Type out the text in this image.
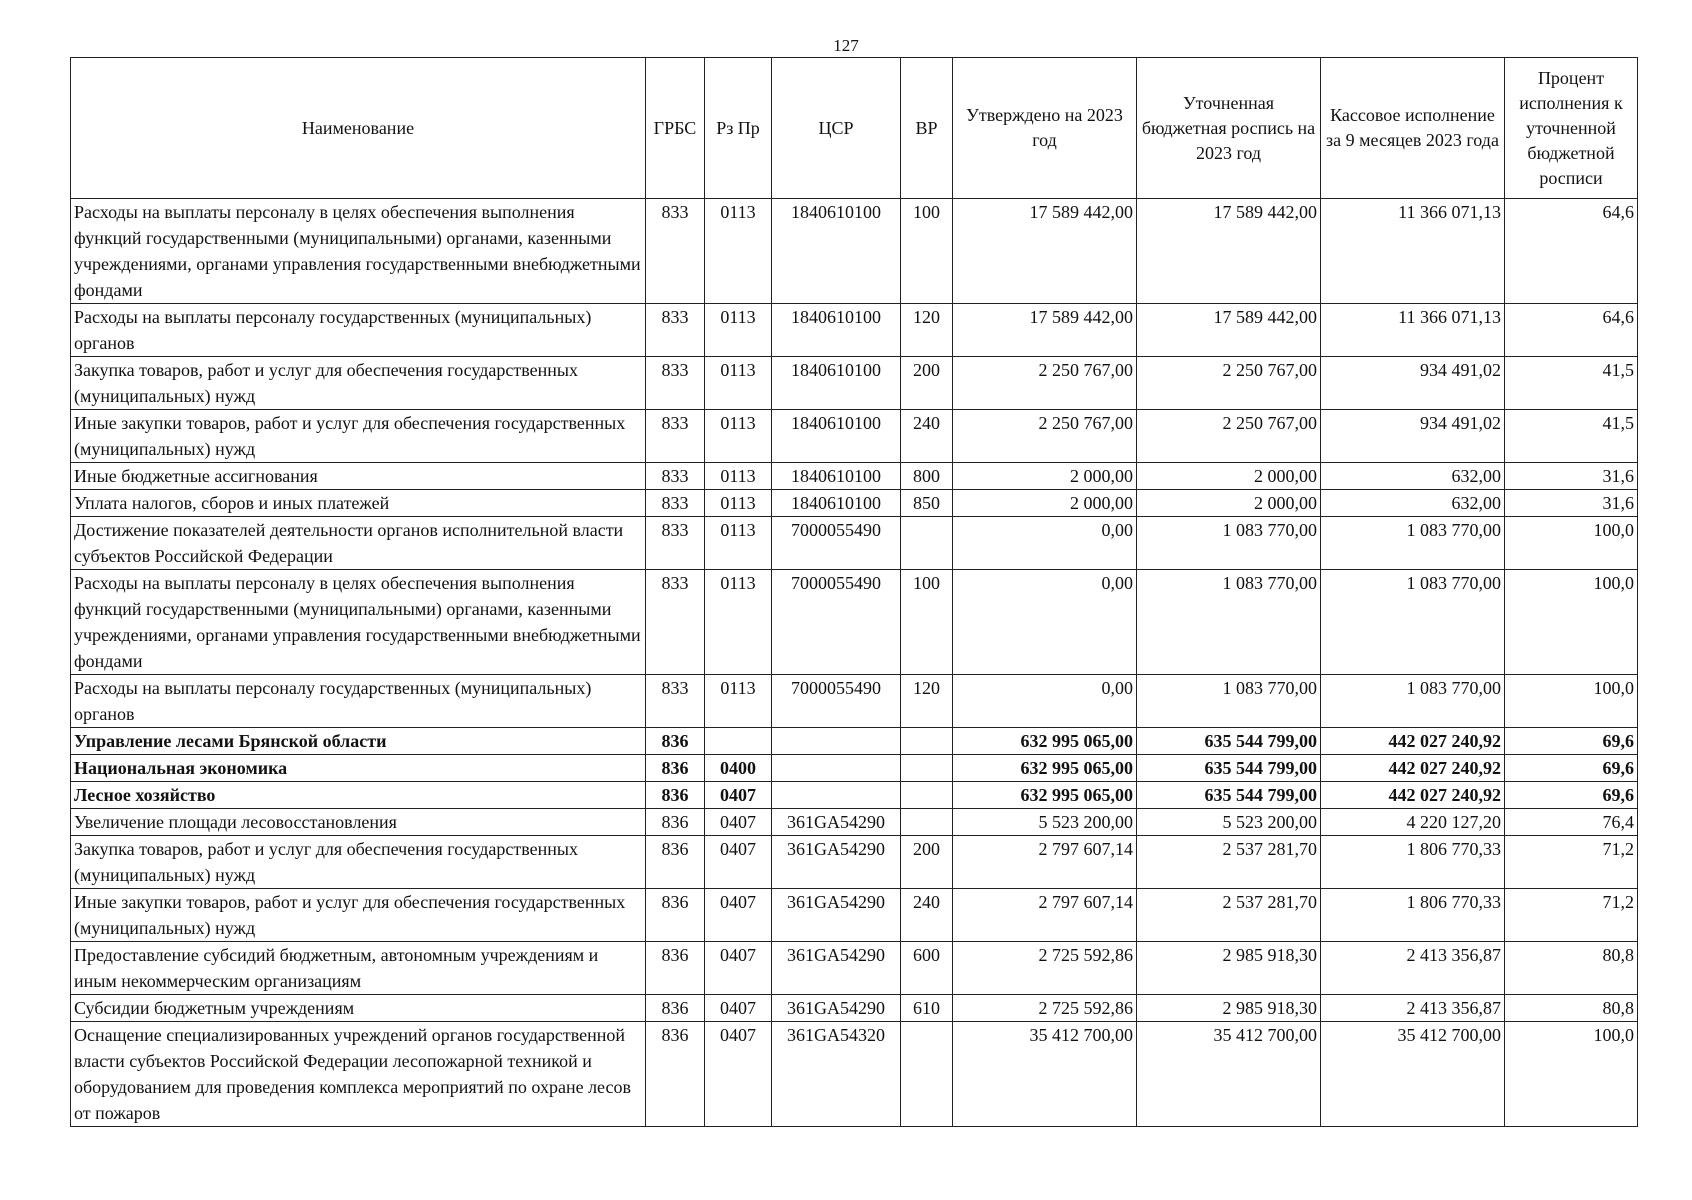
127
Наименование	ГРБС	Рз Пр	ЦСР	ВР	Утверждено на 2023 год	Уточненная бюджетная роспись на 2023 год	Кассовое исполнение за 9 месяцев 2023 года	Процент исполнения к уточненной бюджетной росписи
Расходы на выплаты персоналу в целях обеспечения выполнения функций государственными (муниципальными) органами, казенными учреждениями, органами управления государственными внебюджетными фондами	833	0113	1840610100	100	17 589 442,00	17 589 442,00	11 366 071,13	64,6
Расходы на выплаты персоналу государственных (муниципальных) органов	833	0113	1840610100	120	17 589 442,00	17 589 442,00	11 366 071,13	64,6
Закупка товаров, работ и услуг для обеспечения государственных (муниципальных) нужд	833	0113	1840610100	200	2 250 767,00	2 250 767,00	934 491,02	41,5
Иные закупки товаров, работ и услуг для обеспечения государственных (муниципальных) нужд	833	0113	1840610100	240	2 250 767,00	2 250 767,00	934 491,02	41,5
Иные бюджетные ассигнования	833	0113	1840610100	800	2 000,00	2 000,00	632,00	31,6
Уплата налогов, сборов и иных платежей	833	0113	1840610100	850	2 000,00	2 000,00	632,00	31,6
Достижение показателей деятельности органов исполнительной власти субъектов Российской Федерации	833	0113	7000055490		0,00	1 083 770,00	1 083 770,00	100,0
Расходы на выплаты персоналу в целях обеспечения выполнения функций государственными (муниципальными) органами, казенными учреждениями, органами управления государственными внебюджетными фондами	833	0113	7000055490	100	0,00	1 083 770,00	1 083 770,00	100,0
Расходы на выплаты персоналу государственных (муниципальных) органов	833	0113	7000055490	120	0,00	1 083 770,00	1 083 770,00	100,0
Управление лесами Брянской области	836				632 995 065,00	635 544 799,00	442 027 240,92	69,6
Национальная экономика	836	0400			632 995 065,00	635 544 799,00	442 027 240,92	69,6
Лесное хозяйство	836	0407			632 995 065,00	635 544 799,00	442 027 240,92	69,6
Увеличение площади лесовосстановления	836	0407	361GA54290		5 523 200,00	5 523 200,00	4 220 127,20	76,4
Закупка товаров, работ и услуг для обеспечения государственных (муниципальных) нужд	836	0407	361GA54290	200	2 797 607,14	2 537 281,70	1 806 770,33	71,2
Иные закупки товаров, работ и услуг для обеспечения государственных (муниципальных) нужд	836	0407	361GA54290	240	2 797 607,14	2 537 281,70	1 806 770,33	71,2
Предоставление субсидий бюджетным, автономным учреждениям и иным некоммерческим организациям	836	0407	361GA54290	600	2 725 592,86	2 985 918,30	2 413 356,87	80,8
Субсидии бюджетным учреждениям	836	0407	361GA54290	610	2 725 592,86	2 985 918,30	2 413 356,87	80,8
Оснащение специализированных учреждений органов государственной власти субъектов Российской Федерации лесопожарной техникой и оборудованием для проведения комплекса мероприятий по охране лесов от пожаров	836	0407	361GA54320		35 412 700,00	35 412 700,00	35 412 700,00	100,0
